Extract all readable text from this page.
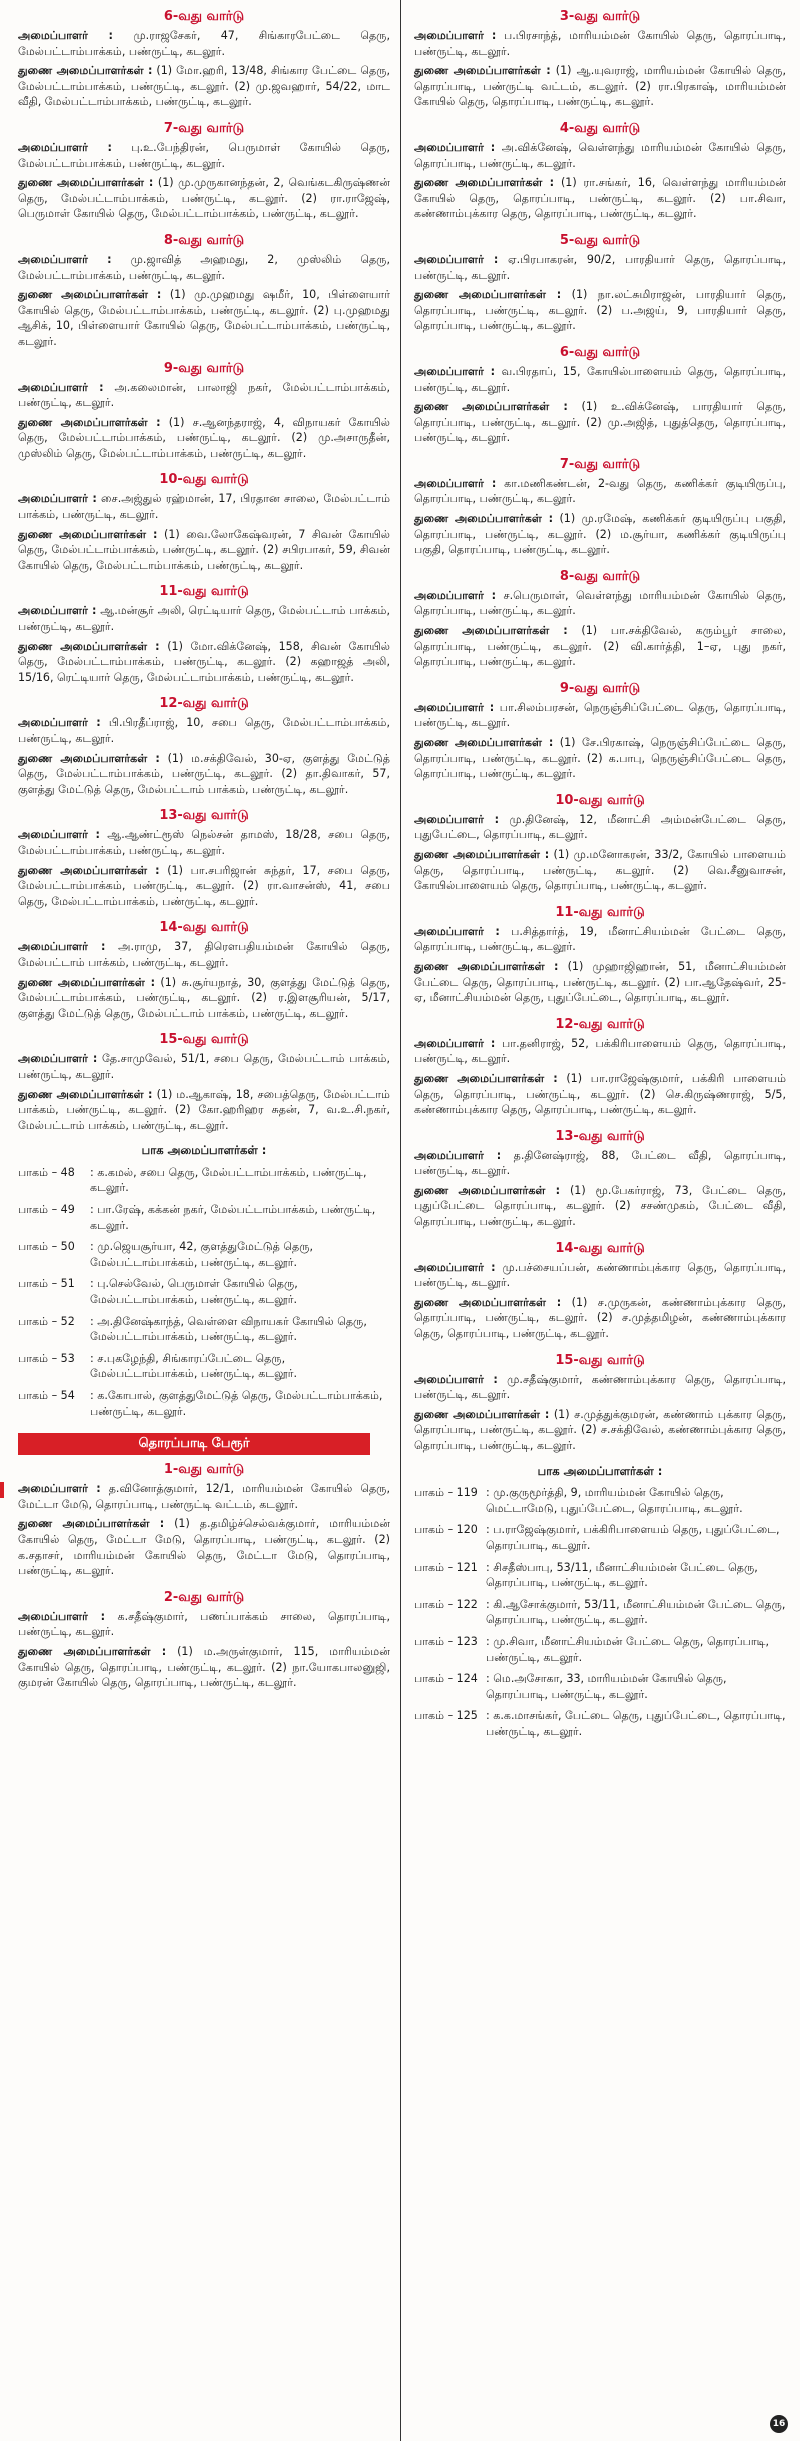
6-வது வார்டு
அமைப்பாளர் : மு.ராஜசேகர், 47, சிங்காரபேட்டை தெரு, மேல்பட்டாம்பாக்கம், பண்ருட்டி, கடலூர்.
துணை அமைப்பாளர்கள் : (1) மோ.ஹரி, 13/48, சிங்கார பேட்டை தெரு, மேல்பட்டாம்பாக்கம், பண்ருட்டி, கடலூர். (2) மு.ஜவஹார், 54/22, மாட வீதி, மேல்பட்டாம்பாக்கம், பண்ருட்டி, கடலூர்.
7-வது வார்டு
அமைப்பாளர் : பு.உ.பேந்திரன், பெருமாள் கோயில் தெரு, மேல்பட்டாம்பாக்கம், பண்ருட்டி, கடலூர்.
துணை அமைப்பாளர்கள் : (1) மு.முருகானந்தன், 2, வெங்கடகிருஷ்ணன் தெரு, மேல்பட்டாம்பாக்கம், பண்ருட்டி, கடலூர். (2) ரா.ராஜேஷ், பெருமாள் கோயில் தெரு, மேல்பட்டாம்பாக்கம், பண்ருட்டி, கடலூர்.
8-வது வார்டு
அமைப்பாளர் : மு.ஜாவித் அஹமது, 2, முஸ்லிம் தெரு, மேல்பட்டாம்பாக்கம், பண்ருட்டி, கடலூர்.
துணை அமைப்பாளர்கள் : (1) மு.முஹமது ஷமீர், 10, பிள்ளையார் கோயில் தெரு, மேல்பட்டாம்பாக்கம், பண்ருட்டி, கடலூர். (2) பு.முஹமது ஆசிக், 10, பிள்ளையார் கோயில் தெரு, மேல்பட்டாம்பாக்கம், பண்ருட்டி, கடலூர்.
9-வது வார்டு
அமைப்பாளர் : அ.கலைமான், பாலாஜி நகர், மேல்பட்டாம்பாக்கம், பண்ருட்டி, கடலூர்.
துணை அமைப்பாளர்கள் : (1) ச.ஆனந்தராஜ், 4, விநாயகர் கோயில் தெரு, மேல்பட்டாம்பாக்கம், பண்ருட்டி, கடலூர். (2) மு.அசாருதீன், முஸ்லிம் தெரு, மேல்பட்டாம்பாக்கம், பண்ருட்டி, கடலூர்.
10-வது வார்டு
அமைப்பாளர் : சை.அஜ்துல் ரஹ்மான், 17, பிரதான சாலை, மேல்பட்டாம் பாக்கம், பண்ருட்டி, கடலூர்.
துணை அமைப்பாளர்கள் : (1) வை.லோகேஷ்வரன், 7 சிவன் கோயில் தெரு, மேல்பட்டாம்பாக்கம், பண்ருட்டி, கடலூர். (2) சபிரபாகர், 59, சிவன் கோயில் தெரு, மேல்பட்டாம்பாக்கம், பண்ருட்டி, கடலூர்.
11-வது வார்டு
அமைப்பாளர் : ஆ.மன்சூர் அலி, ரெட்டியார் தெரு, மேல்பட்டாம் பாக்கம், பண்ருட்டி, கடலூர்.
துணை அமைப்பாளர்கள் : (1) மோ.விக்னேஷ், 158, சிவன் கோயில் தெரு, மேல்பட்டாம்பாக்கம், பண்ருட்டி, கடலூர். (2) கஹாஜத் அலி, 15/16, ரெட்டியார் தெரு, மேல்பட்டாம்பாக்கம், பண்ருட்டி, கடலூர்.
12-வது வார்டு
அமைப்பாளர் : பி.பிரதீப்ராஜ், 10, சபை தெரு, மேல்பட்டாம்பாக்கம், பண்ருட்டி, கடலூர்.
துணை அமைப்பாளர்கள் : (1) ம.சக்திவேல், 30-ஏ, குளத்து மேட்டுத் தெரு, மேல்பட்டாம்பாக்கம், பண்ருட்டி, கடலூர். (2) தா.திவாகர், 57, குளத்து மேட்டுத் தெரு, மேல்பட்டாம் பாக்கம், பண்ருட்டி, கடலூர்.
13-வது வார்டு
அமைப்பாளர் : ஆ.ஆண்ட்ரூஸ் நெல்சன் தாமஸ், 18/28, சபை தெரு, மேல்பட்டாம்பாக்கம், பண்ருட்டி, கடலூர்.
துணை அமைப்பாளர்கள் : (1) பா.சபரிஜான் சுந்தர், 17, சபை தெரு, மேல்பட்டாம்பாக்கம், பண்ருட்டி, கடலூர். (2) ரா.வாசன்ஸ், 41, சபை தெரு, மேல்பட்டாம்பாக்கம், பண்ருட்டி, கடலூர்.
14-வது வார்டு
அமைப்பாளர் : அ.ராமு, 37, திரௌபதியம்மன் கோயில் தெரு, மேல்பட்டாம் பாக்கம், பண்ருட்டி, கடலூர்.
துணை அமைப்பாளர்கள் : (1) சு.சூர்யநாத், 30, குளத்து மேட்டுத் தெரு, மேல்பட்டாம்பாக்கம், பண்ருட்டி, கடலூர். (2) ர.இளசூரியன், 5/17, குளத்து மேட்டுத் தெரு, மேல்பட்டாம் பாக்கம், பண்ருட்டி, கடலூர்.
15-வது வார்டு
அமைப்பாளர் : தே.சாமுவேல், 51/1, சபை தெரு, மேல்பட்டாம் பாக்கம், பண்ருட்டி, கடலூர்.
துணை அமைப்பாளர்கள் : (1) ம.ஆகாஷ், 18, சபைத்தெரு, மேல்பட்டாம் பாக்கம், பண்ருட்டி, கடலூர். (2) கோ.ஹரிஹர சுதன், 7, வ.உ.சி.நகர், மேல்பட்டாம் பாக்கம், பண்ருட்டி, கடலூர்.
பாக அமைப்பாளர்கள் :
பாகம் – 48	: க.கமல், சபை தெரு, மேல்பட்டாம்பாக்கம், பண்ருட்டி, கடலூர்.
பாகம் – 49	: பா.ரேஷ், கக்கன் நகர், மேல்பட்டாம்பாக்கம், பண்ருட்டி, கடலூர்.
பாகம் – 50	: மு.ஜெயசூர்யா, 42, குளத்துமேட்டுத் தெரு, மேல்பட்டாம்பாக்கம், பண்ருட்டி, கடலூர்.
பாகம் – 51	: பு.செல்வேல், பெருமாள் கோயில் தெரு, மேல்பட்டாம்பாக்கம், பண்ருட்டி, கடலூர்.
பாகம் – 52	: அ.தினேஷ்காந்த், வெள்ளை விநாயகர் கோயில் தெரு, மேல்பட்டாம்பாக்கம், பண்ருட்டி, கடலூர்.
பாகம் – 53	: ச.புகழேந்தி, சிங்காரப்பேட்டை தெரு, மேல்பட்டாம்பாக்கம், பண்ருட்டி, கடலூர்.
பாகம் – 54	: க.கோபால், குளத்துமேட்டுத் தெரு, மேல்பட்டாம்பாக்கம், பண்ருட்டி, கடலூர்.
தொரப்பாடி பேரூர்
1-வது வார்டு
அமைப்பாளர் : த.வினோத்குமார், 12/1, மாரியம்மன் கோயில் தெரு, மேட்டா மேடு, தொரப்பாடி, பண்ருட்டி வட்டம், கடலூர்.
துணை அமைப்பாளர்கள் : (1) த.தமிழ்ச்செல்வக்குமார், மாரியம்மன் கோயில் தெரு, மேட்டா மேடு, தொரப்பாடி, பண்ருட்டி, கடலூர். (2) க.சதாசர், மாரியம்மன் கோயில் தெரு, மேட்டா மேடு, தொரப்பாடி, பண்ருட்டி, கடலூர்.
2-வது வார்டு
அமைப்பாளர் : க.சதீஷ்குமார், பணப்பாக்கம் சாலை, தொரப்பாடி, பண்ருட்டி, கடலூர்.
துணை அமைப்பாளர்கள் : (1) ம.அருள்குமார், 115, மாரியம்மன் கோயில் தெரு, தொரப்பாடி, பண்ருட்டி, கடலூர். (2) நா.யோகபாலனுஜி, குமரன் கோயில் தெரு, தொரப்பாடி, பண்ருட்டி, கடலூர்.
3-வது வார்டு
அமைப்பாளர் : ப.பிரசாந்த், மாரியம்மன் கோயில் தெரு, தொரப்பாடி, பண்ருட்டி, கடலூர்.
துணை அமைப்பாளர்கள் : (1) ஆ.யுவராஜ், மாரியம்மன் கோயில் தெரு, தொரப்பாடி, பண்ருட்டி வட்டம், கடலூர். (2) ரா.பிரகாஷ், மாரியம்மன் கோயில் தெரு, தொரப்பாடி, பண்ருட்டி, கடலூர்.
4-வது வார்டு
அமைப்பாளர் : அ.விக்னேஷ், வெள்ளந்து மாரியம்மன் கோயில் தெரு, தொரப்பாடி, பண்ருட்டி, கடலூர்.
துணை அமைப்பாளர்கள் : (1) ரா.சங்கர், 16, வெள்ளந்து மாரியம்மன் கோயில் தெரு, தொரப்பாடி, பண்ருட்டி, கடலூர். (2) பா.சிவா, கண்ணாம்புக்கார தெரு, தொரப்பாடி, பண்ருட்டி, கடலூர்.
5-வது வார்டு
அமைப்பாளர் : ஏ.பிரபாகரன், 90/2, பாரதியார் தெரு, தொரப்பாடி, பண்ருட்டி, கடலூர்.
துணை அமைப்பாளர்கள் : (1) நா.லட்சுமிராஜன், பாரதியார் தெரு, தொரப்பாடி, பண்ருட்டி, கடலூர். (2) ப.அஜய், 9, பாரதியார் தெரு, தொரப்பாடி, பண்ருட்டி, கடலூர்.
6-வது வார்டு
அமைப்பாளர் : வ.பிரதாப், 15, கோயில்பாளையம் தெரு, தொரப்பாடி, பண்ருட்டி, கடலூர்.
துணை அமைப்பாளர்கள் : (1) உ.விக்னேஷ், பாரதியார் தெரு, தொரப்பாடி, பண்ருட்டி, கடலூர். (2) மு.அஜித், புதுத்தெரு, தொரப்பாடி, பண்ருட்டி, கடலூர்.
7-வது வார்டு
அமைப்பாளர் : கா.மணிகண்டன், 2-வது தெரு, கணிக்கர் குடியிருப்பு, தொரப்பாடி, பண்ருட்டி, கடலூர்.
துணை அமைப்பாளர்கள் : (1) மு.ரமேஷ், கணிக்கர் குடியிருப்பு பகுதி, தொரப்பாடி, பண்ருட்டி, கடலூர். (2) ம.சூர்யா, கணிக்கர் குடியிருப்பு பகுதி, தொரப்பாடி, பண்ருட்டி, கடலூர்.
8-வது வார்டு
அமைப்பாளர் : ச.பெருமாள், வெள்ளந்து மாரியம்மன் கோயில் தெரு, தொரப்பாடி, பண்ருட்டி, கடலூர்.
துணை அமைப்பாளர்கள் : (1) பா.சக்திவேல், கரும்பூர் சாலை, தொரப்பாடி, பண்ருட்டி, கடலூர். (2) வி.கார்த்தி, 1–ஏ, புது நகர், தொரப்பாடி, பண்ருட்டி, கடலூர்.
9-வது வார்டு
அமைப்பாளர் : பா.சிலம்பரசன், நெருஞ்சிப்பேட்டை தெரு, தொரப்பாடி, பண்ருட்டி, கடலூர்.
துணை அமைப்பாளர்கள் : (1) சே.பிரகாஷ், நெருஞ்சிப்பேட்டை தெரு, தொரப்பாடி, பண்ருட்டி, கடலூர். (2) க.பாபு, நெருஞ்சிப்பேட்டை தெரு, தொரப்பாடி, பண்ருட்டி, கடலூர்.
10-வது வார்டு
அமைப்பாளர் : மு.தினேஷ், 12, மீனாட்சி அம்மன்பேட்டை தெரு, புதுபேட்டை, தொரப்பாடி, கடலூர்.
துணை அமைப்பாளர்கள் : (1) மு.மனோகரன், 33/2, கோயில் பாளையம் தெரு, தொரப்பாடி, பண்ருட்டி, கடலூர். (2) வெ.சீனுவாசன், கோயில்பாளையம் தெரு, தொரப்பாடி, பண்ருட்டி, கடலூர்.
11-வது வார்டு
அமைப்பாளர் : ப.சித்தார்த், 19, மீனாட்சியம்மன் பேட்டை தெரு, தொரப்பாடி, பண்ருட்டி, கடலூர்.
துணை அமைப்பாளர்கள் : (1) முஹாஜிஹான், 51, மீனாட்சியம்மன் பேட்டை தெரு, தொரப்பாடி, பண்ருட்டி, கடலூர். (2) பா.ஆதேஷ்வர், 25-ஏ, மீனாட்சியம்மன் தெரு, புதுப்பேட்டை, தொரப்பாடி, கடலூர்.
12-வது வார்டு
அமைப்பாளர் : பா.தனிராஜ், 52, பக்கிரிபாளையம் தெரு, தொரப்பாடி, பண்ருட்டி, கடலூர்.
துணை அமைப்பாளர்கள் : (1) பா.ராஜேஷ்குமார், பக்கிரி பாளையம் தெரு, தொரப்பாடி, பண்ருட்டி, கடலூர். (2) செ.கிருஷ்ணராஜ், 5/5, கண்ணாம்புக்கார தெரு, தொரப்பாடி, பண்ருட்டி, கடலூர்.
13-வது வார்டு
அமைப்பாளர் : த.தினேஷ்ராஜ், 88, பேட்டை வீதி, தொரப்பாடி, பண்ருட்டி, கடலூர்.
துணை அமைப்பாளர்கள் : (1) மூ.பேகர்ராஜ், 73, பேட்டை தெரு, புதுப்பேட்டை தொரப்பாடி, கடலூர். (2) சசண்முகம், பேட்டை வீதி, தொரப்பாடி, பண்ருட்டி, கடலூர்.
14-வது வார்டு
அமைப்பாளர் : மு.பச்சையப்பன், கண்ணாம்புக்கார தெரு, தொரப்பாடி, பண்ருட்டி, கடலூர்.
துணை அமைப்பாளர்கள் : (1) ச.முருகன், கண்ணாம்புக்கார தெரு, தொரப்பாடி, பண்ருட்டி, கடலூர். (2) ச.முத்தமிழன், கண்ணாம்புக்கார தெரு, தொரப்பாடி, பண்ருட்டி, கடலூர்.
15-வது வார்டு
அமைப்பாளர் : மு.சதீஷ்குமார், கண்ணாம்புக்கார தெரு, தொரப்பாடி, பண்ருட்டி, கடலூர்.
துணை அமைப்பாளர்கள் : (1) ச.முத்துக்குமரன், கண்ணாம் புக்கார தெரு, தொரப்பாடி, பண்ருட்டி, கடலூர். (2) ச.சக்திவேல், கண்ணாம்புக்கார தெரு, தொரப்பாடி, பண்ருட்டி, கடலூர்.
பாக அமைப்பாளர்கள் :
பாகம் – 119	: மு.குருமூர்த்தி, 9, மாரியம்மன் கோயில் தெரு, மெட்டாமேடு, புதுப்பேட்டை, தொரப்பாடி, கடலூர்.
பாகம் – 120	: ப.ராஜேஷ்குமார், பக்கிரிபாளையம் தெரு, புதுப்பேட்டை, தொரப்பாடி, கடலூர்.
பாகம் – 121	: சிசதீஸ்பாபு, 53/11, மீனாட்சியம்மன் பேட்டை தெரு, தொரப்பாடி, பண்ருட்டி, கடலூர்.
பாகம் – 122	: கி.ஆசோக்குமார், 53/11, மீனாட்சியம்மன் பேட்டை தெரு, தொரப்பாடி, பண்ருட்டி, கடலூர்.
பாகம் – 123	: மு.சிவா, மீனாட்சியம்மன் பேட்டை தெரு, தொரப்பாடி, பண்ருட்டி, கடலூர்.
பாகம் – 124	: மெ.அசோகா, 33, மாரியம்மன் கோயில் தெரு, தொரப்பாடி, பண்ருட்டி, கடலூர்.
பாகம் – 125	: க.க.மாசங்கர், பேட்டை தெரு, புதுப்பேட்டை, தொரப்பாடி, பண்ருட்டி, கடலூர்.
16
